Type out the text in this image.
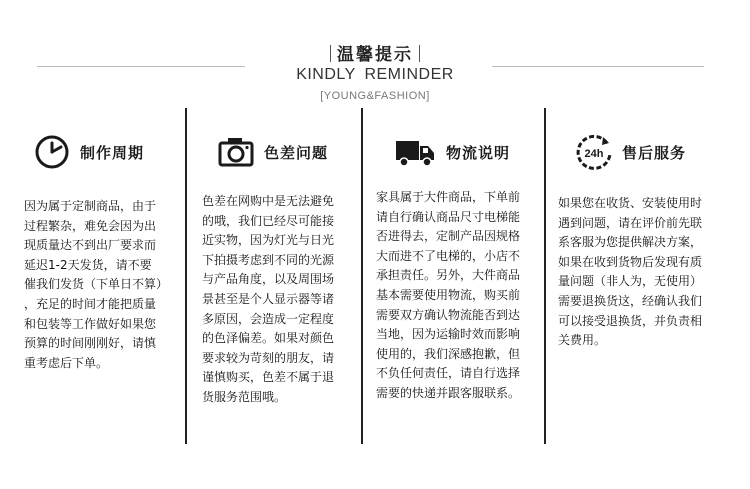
温馨提示
KINDLY REMINDER
[YOUNG&FASHION]
制作周期
因为属于定制商品，由于
过程繁杂，难免会因为出
现质量达不到出厂要求而
延迟1-2天发货，请不要
催我们发货（下单日不算）
，充足的时间才能把质量
和包装等工作做好如果您
预算的时间刚刚好，请慎
重考虑后下单。
色差问题
色差在网购中是无法避免
的哦，我们已经尽可能接
近实物，因为灯光与日光
下拍摄考虑到不同的光源
与产品角度，以及周围场
景甚至是个人显示器等诸
多原因，会造成一定程度
的色泽偏差。如果对颜色
要求较为苛刻的朋友，请
谨慎购买，色差不属于退
货服务范围哦。
物流说明
家具属于大件商品，下单前
请自行确认商品尺寸电梯能
否进得去，定制产品因规格
大而进不了电梯的，小店不
承担责任。另外，大件商品
基本需要使用物流，购买前
需要双方确认物流能否到达
当地，因为运输时效而影响
使用的，我们深感抱歉，但
不负任何责任，请自行选择
需要的快递并跟客服联系。
24h 售后服务
如果您在收货、安装使用时
遇到问题，请在评价前先联
系客服为您提供解决方案，
如果在收到货物后发现有质
量问题（非人为，无使用）
需要退换货这，经确认我们
可以接受退换货，并负责相
关费用。
